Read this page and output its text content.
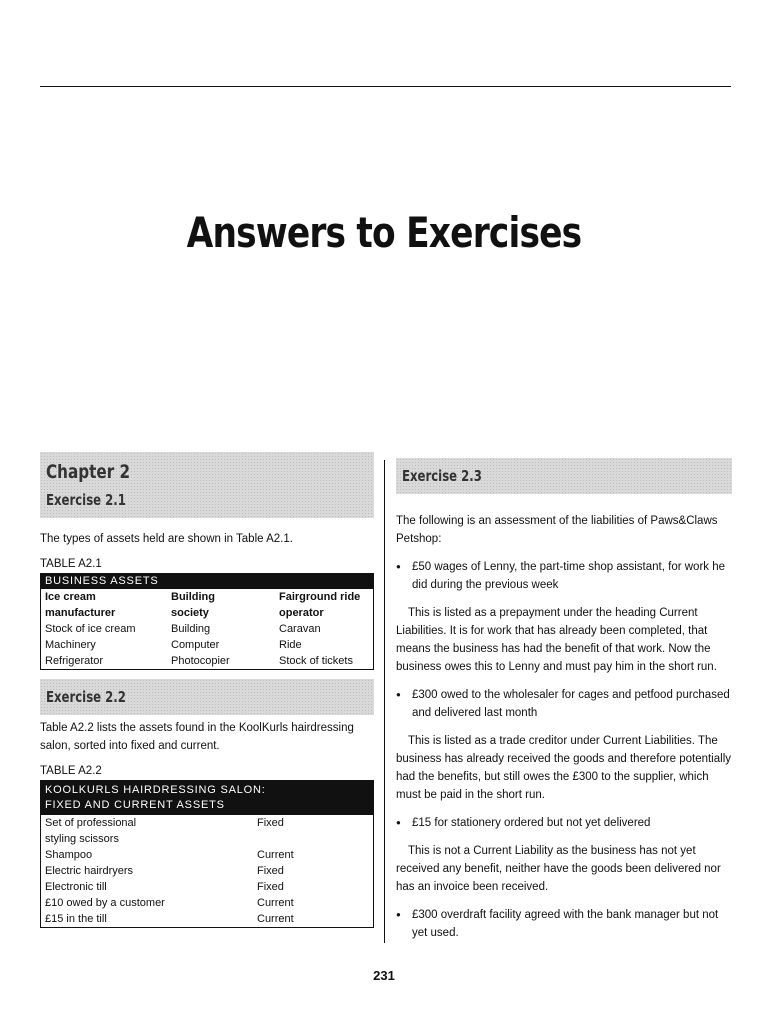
Answers to Exercises
Chapter 2
Exercise 2.1

The types of assets held are shown in Table A2.1.

TABLE A2.1
BUSINESS ASSETS
Ice cream	Building	Fairground ride
manufacturer	society	operator
Stock of ice cream	Building	Caravan
Machinery	Computer	Ride
Refrigerator	Photocopier	Stock of tickets
Exercise 2.2

Table A2.2 lists the assets found in the KoolKurls hairdressing salon, sorted into fixed and current.

TABLE A2.2
KOOLKURLS HAIRDRESSING SALON:
FIXED AND CURRENT ASSETS
Set of professional	Fixed
styling scissors
Shampoo	Current
Electric hairdryers	Fixed
Electronic till	Fixed
£10 owed by a customer	Current
£15 in the till	Current
Exercise 2.3

The following is an assessment of the liabilities of Paws&Claws Petshop:

● £50 wages of Lenny, the part-time shop assistant, for work he did during the previous week

This is listed as a prepayment under the heading Current Liabilities. It is for work that has already been completed, that means the business has had the benefit of that work. Now the business owes this to Lenny and must pay him in the short run.

● £300 owed to the wholesaler for cages and petfood purchased and delivered last month

This is listed as a trade creditor under Current Liabilities. The business has already received the goods and therefore potentially had the benefits, but still owes the £300 to the supplier, which must be paid in the short run.

● £15 for stationery ordered but not yet delivered

This is not a Current Liability as the business has not yet received any benefit, neither have the goods been delivered nor has an invoice been received.

● £300 overdraft facility agreed with the bank manager but not yet used.
231
